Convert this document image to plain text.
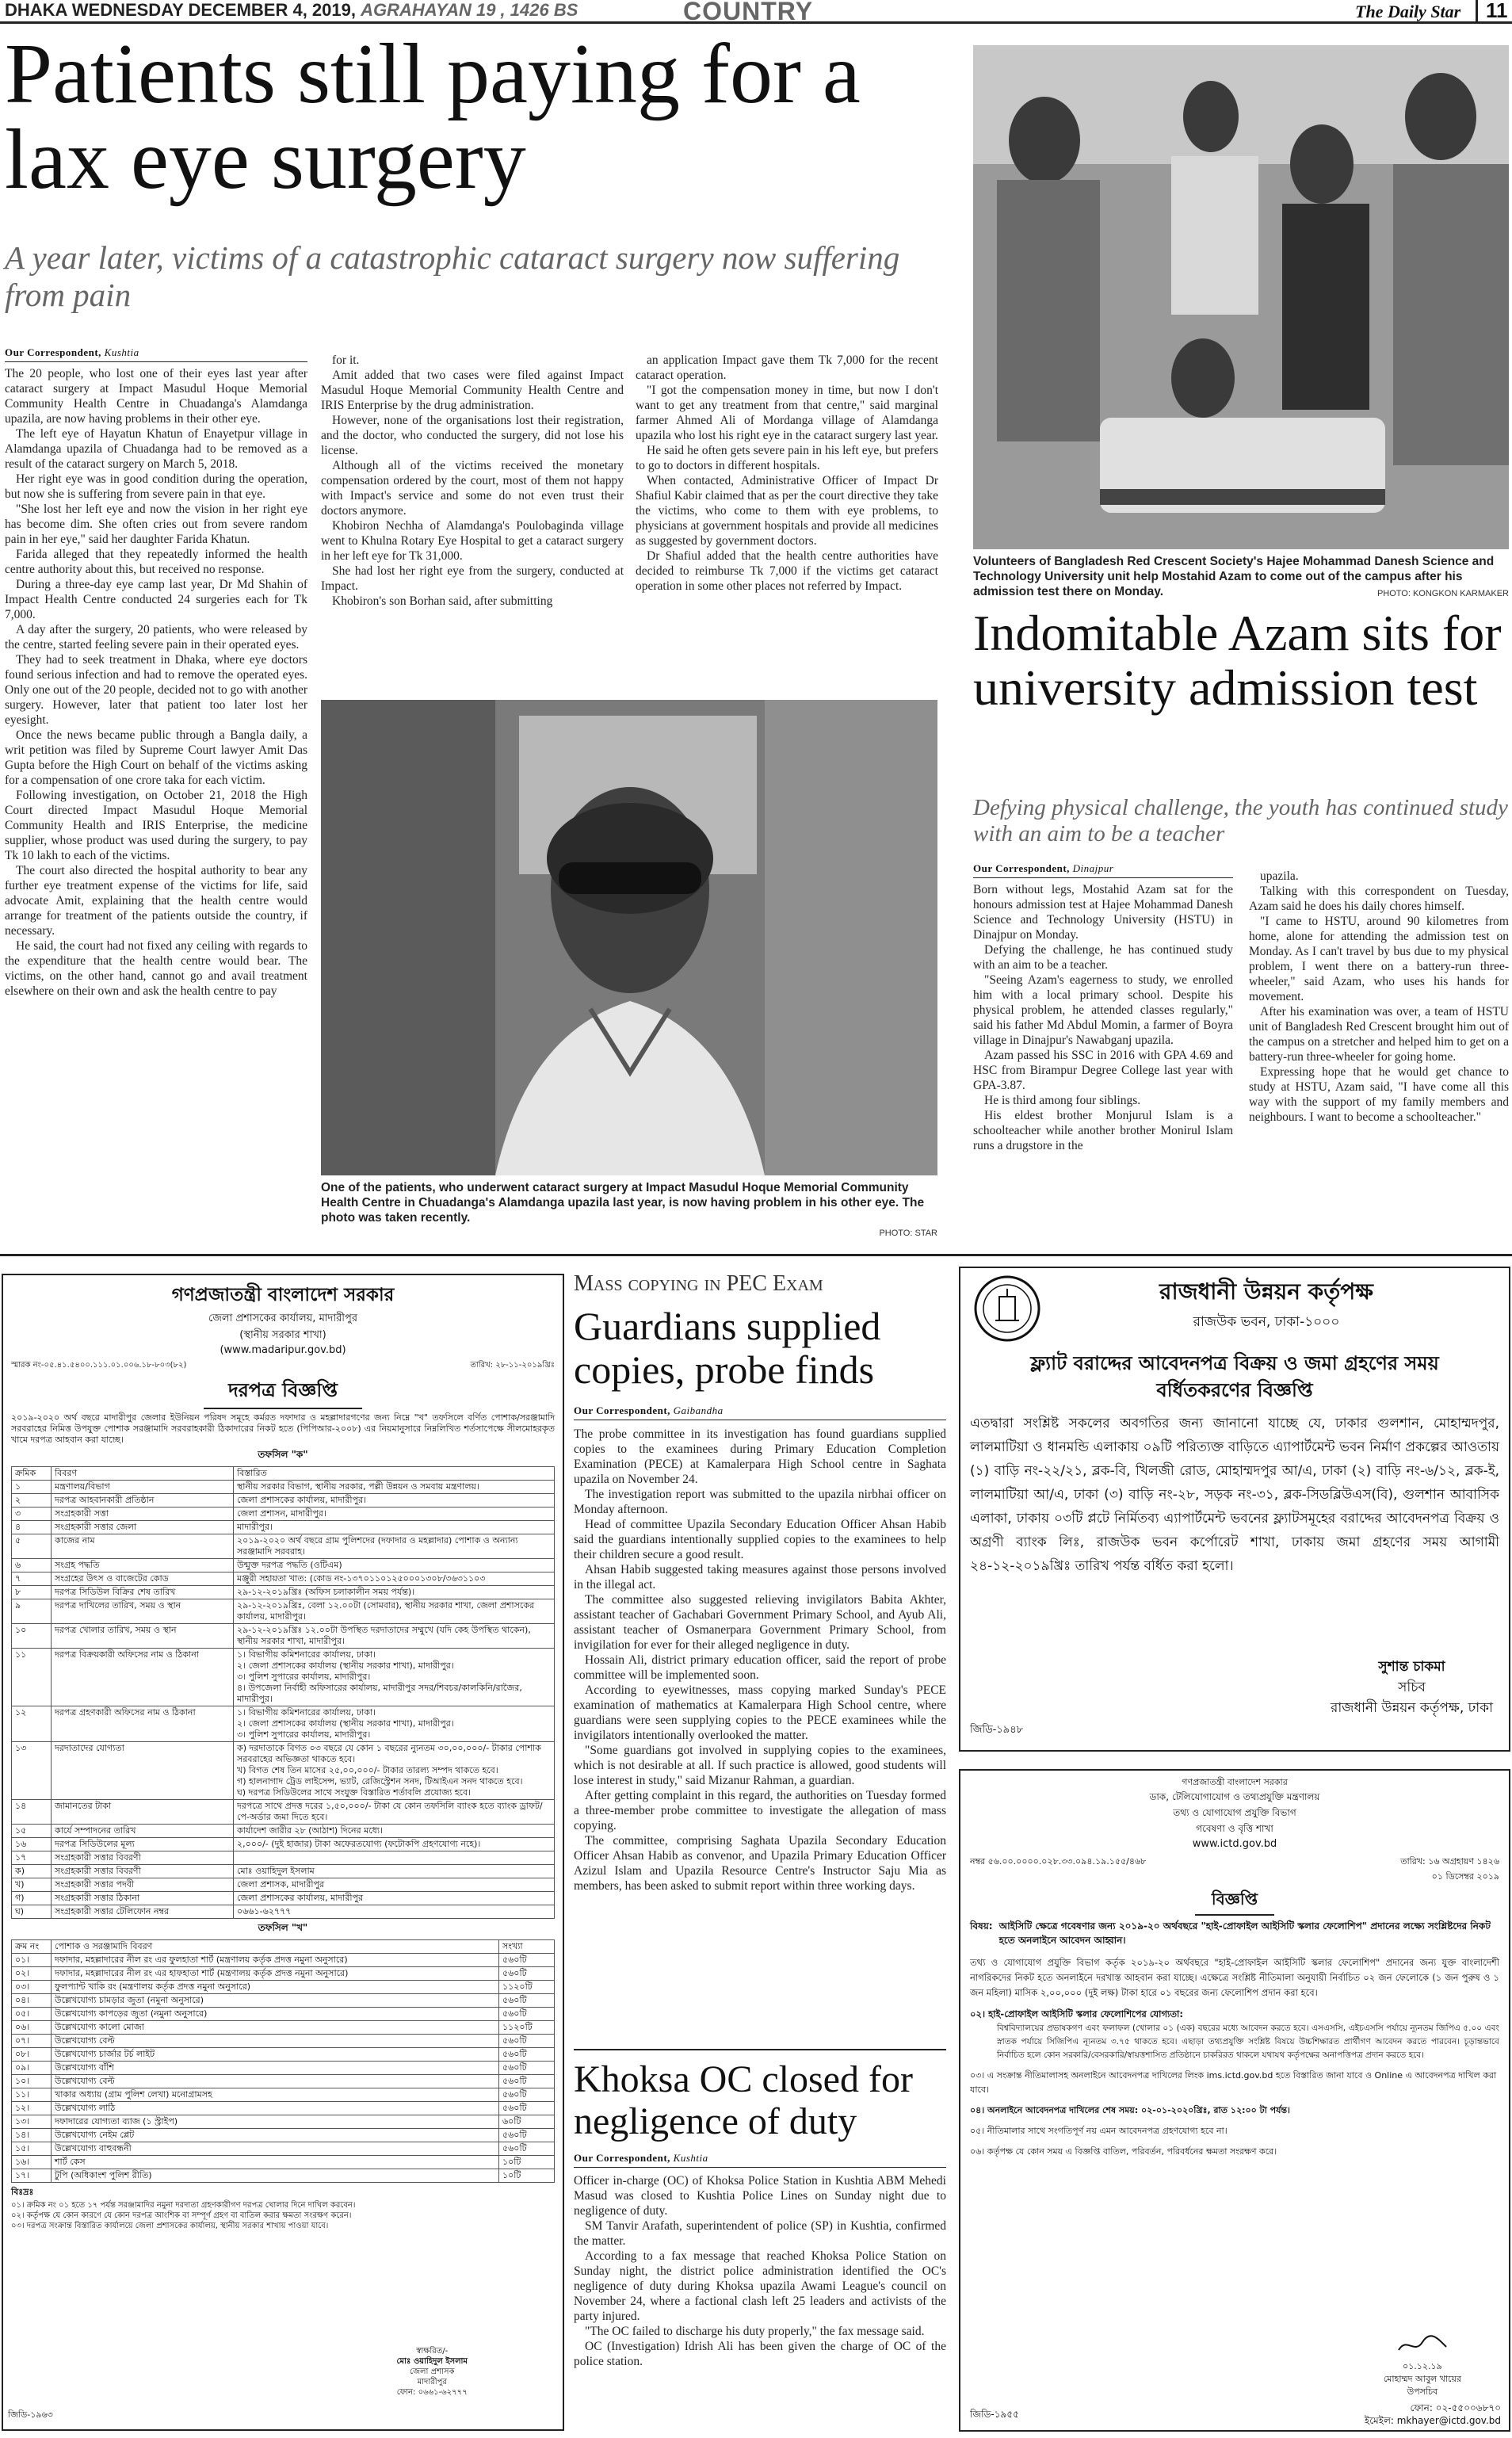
DHAKA WEDNESDAY DECEMBER 4, 2019, AGRAHAYAN 19 , 1426 BS	COUNTRY	The Daily Star	11
Patients still paying for a lax eye surgery
A year later, victims of a catastrophic cataract surgery now suffering from pain
Our Correspondent, Kushtia

The 20 people, who lost one of their eyes last year after cataract surgery at Impact Masudul Hoque Memorial Community Health Centre in Chuadanga's Alamdanga upazila, are now having problems in their other eye.

The left eye of Hayatun Khatun of Enayetpur village in Alamdanga upazila of Chuadanga had to be removed as a result of the cataract surgery on March 5, 2018.

Her right eye was in good condition during the operation, but now she is suffering from severe pain in that eye.

"She lost her left eye and now the vision in her right eye has become dim. She often cries out from severe random pain in her eye," said her daughter Farida Khatun.

Farida alleged that they repeatedly informed the health centre authority about this, but received no response.

During a three-day eye camp last year, Dr Md Shahin of Impact Health Centre conducted 24 surgeries each for Tk 7,000.

A day after the surgery, 20 patients, who were released by the centre, started feeling severe pain in their operated eyes.

They had to seek treatment in Dhaka, where eye doctors found serious infection and had to remove the operated eyes. Only one out of the 20 people, decided not to go with another surgery. However, later that patient too later lost her eyesight.

Once the news became public through a Bangla daily, a writ petition was filed by Supreme Court lawyer Amit Das Gupta before the High Court on behalf of the victims asking for a compensation of one crore taka for each victim.

Following investigation, on October 21, 2018 the High Court directed Impact Masudul Hoque Memorial Community Health and IRIS Enterprise, the medicine supplier, whose product was used during the surgery, to pay Tk 10 lakh to each of the victims.

The court also directed the hospital authority to bear any further eye treatment expense of the victims for life, said advocate Amit, explaining that the health centre would arrange for treatment of the patients outside the country, if necessary.

He said, the court had not fixed any ceiling with regards to the expenditure that the health centre would bear. The victims, on the other hand, cannot go and avail treatment elsewhere on their own and ask the health centre to pay

for it.

Amit added that two cases were filed against Impact Masudul Hoque Memorial Community Health Centre and IRIS Enterprise by the drug administration.

However, none of the organisations lost their registration, and the doctor, who conducted the surgery, did not lose his license.

Although all of the victims received the monetary compensation ordered by the court, most of them not happy with Impact's service and some do not even trust their doctors anymore.

Khobiron Nechha of Alamdanga's Poulobaginda village went to Khulna Rotary Eye Hospital to get a cataract surgery in her left eye for Tk 31,000.

She had lost her right eye from the surgery, conducted at Impact.

Khobiron's son Borhan said, after submitting

an application Impact gave them Tk 7,000 for the recent cataract operation.

"I got the compensation money in time, but now I don't want to get any treatment from that centre," said marginal farmer Ahmed Ali of Mordanga village of Alamdanga upazila who lost his right eye in the cataract surgery last year.

He said he often gets severe pain in his left eye, but prefers to go to doctors in different hospitals.

When contacted, Administrative Officer of Impact Dr Shafiul Kabir claimed that as per the court directive they take the victims, who come to them with eye problems, to physicians at government hospitals and provide all medicines as suggested by government doctors.

Dr Shafiul added that the health centre authorities have decided to reimburse Tk 7,000 if the victims get cataract operation in some other places not referred by Impact.

One of the patients, who underwent cataract surgery at Impact Masudul Hoque Memorial Community Health Centre in Chuadanga's Alamdanga upazila last year, is now having problem in his other eye. The photo was taken recently.
PHOTO: STAR
Volunteers of Bangladesh Red Crescent Society's Hajee Mohammad Danesh Science and Technology University unit help Mostahid Azam to come out of the campus after his admission test there on Monday.	PHOTO: KONGKON KARMAKER
Indomitable Azam sits for university admission test
Defying physical challenge, the youth has continued study with an aim to be a teacher
Our Correspondent, Dinajpur

Born without legs, Mostahid Azam sat for the honours admission test at Hajee Mohammad Danesh Science and Technology University (HSTU) in Dinajpur on Monday.

Defying the challenge, he has continued study with an aim to be a teacher.

"Seeing Azam's eagerness to study, we enrolled him with a local primary school. Despite his physical problem, he attended classes regularly," said his father Md Abdul Momin, a farmer of Boyra village in Dinajpur's Nawabganj upazila.

Azam passed his SSC in 2016 with GPA 4.69 and HSC from Birampur Degree College last year with GPA-3.87.

He is third among four siblings.

His eldest brother Monjurul Islam is a schoolteacher while another brother Monirul Islam runs a drugstore in the

upazila.

Talking with this correspondent on Tuesday, Azam said he does his daily chores himself.

"I came to HSTU, around 90 kilometres from home, alone for attending the admission test on Monday. As I can't travel by bus due to my physical problem, I went there on a battery-run three-wheeler," said Azam, who uses his hands for movement.

After his examination was over, a team of HSTU unit of Bangladesh Red Crescent brought him out of the campus on a stretcher and helped him to get on a battery-run three-wheeler for going home.

Expressing hope that he would get chance to study at HSTU, Azam said, "I have come all this way with the support of my family members and neighbours. I want to become a schoolteacher."

গণপ্রজাতন্ত্রী বাংলাদেশ সরকার
জেলা প্রশাসকের কার্যালয়, মাদারীপুর
(স্থানীয় সরকার শাখা)
(www.madaripur.gov.bd)
স্মারক নং-০৫.৪১.৫৪০০.১১১.০১.০০৬.১৮-৮০৩(৮২)	তারিখ: ২৮-১১-২০১৯খ্রিঃ
দরপত্র বিজ্ঞপ্তি
২০১৯-২০২০ অর্থ বছরে মাদারীপুর জেলার ইউনিয়ন পরিষদ সমূহে কর্মরত দফাদার ও মহল্লাদারগণের জন্য নিম্নে "খ" তফসিলে বর্ণিত পোশাক/সরঞ্জামাদি সরবরাহের নিমিত্ত উপযুক্ত পোশাক সরঞ্জামাদি সরবরাহকারী ঠিকাদারের নিকট হতে (পিপিআর-২০০৮) এর নিয়মানুসারে নিম্নলিখিত শর্তসাপেক্ষে সীলমোহরকৃত খামে দরপত্র আহবান করা যাচ্ছে।
তফসিল "ক"
ক্রমিক	বিবরণ	বিস্তারিত
১	মন্ত্রণালয়/বিভাগ	স্থানীয় সরকার বিভাগ, স্থানীয় সরকার, পল্লী উন্নয়ন ও সমবায় মন্ত্রণালয়।
২	দরপত্র আহবানকারী প্রতিষ্ঠান	জেলা প্রশাসকের কার্যালয়, মাদারীপুর।
৩	সংগ্রহকারী সত্তা	জেলা প্রশাসন, মাদারীপুর।
৪	সংগ্রহকারী সত্তার জেলা	মাদারীপুর।
৫	কাজের নাম	২০১৯-২০২০ অর্থ বছরে গ্রাম পুলিশদের (দফাদার ও মহল্লাদার) পোশাক ও অন্যান্য সরঞ্জামাদি সরবরাহ।
৬	সংগ্রহ পদ্ধতি	উন্মুক্ত দরপত্র পদ্ধতি (ওটিএম)
৭	সংগ্রহের উৎস ও বাজেটের কোড	মঞ্জুরী সহায়তা খাত: (কোড নং-১৩৭০১১০১২৫০০০১৩০৮/৩৬৩১১০৩
৮	দরপত্র সিডিউল বিক্রির শেষ তারিখ	২৯-১২-২০১৯খ্রিঃ (অফিস চলাকালীন সময় পর্যন্ত)।
৯	দরপত্র দাখিলের তারিখ, সময় ও স্থান	২৯-১২-২০১৯খ্রিঃ, বেলা ১২.০০টা (সোমবার), স্থানীয় সরকার শাখা, জেলা প্রশাসকের কার্যালয়, মাদারীপুর।
১০	দরপত্র খোলার তারিখ, সময় ও স্থান	২৯-১২-২০১৯খ্রিঃ ১২.০০টা উপস্থিত দরদাতাদের সম্মুখে (যদি কেহ উপস্থিত থাকেন), স্থানীয় সরকার শাখা, মাদারীপুর।
১১	দরপত্র বিক্রয়কারী অফিসের নাম ও ঠিকানা	১। বিভাগীয় কমিশনারের কার্যালয়, ঢাকা।
২। জেলা প্রশাসকের কার্যালয় (স্থানীয় সরকার শাখা), মাদারীপুর।
৩। পুলিশ সুপারের কার্যালয়, মাদারীপুর।
৪। উপজেলা নির্বাহী অফিসারের কার্যালয়, মাদারীপুর সদর/শিবচর/কালকিনি/রাজৈর, মাদারীপুর।
১২	দরপত্র গ্রহণকারী অফিসের নাম ও ঠিকানা	১। বিভাগীয় কমিশনারের কার্যালয়, ঢাকা।
২। জেলা প্রশাসকের কার্যালয় (স্থানীয় সরকার শাখা), মাদারীপুর।
৩। পুলিশ সুপারের কার্যালয়, মাদারীপুর।
১৩	দরদাতাদের যোগ্যতা	ক) দরদাতাকে বিগত ০৩ বছরে যে কোন ১ বছরের ন্যুনতম ৩০,০০,০০০/- টাকার পোশাক সরবরাহের অভিজ্ঞতা থাকতে হবে।
খ) বিগত শেষ তিন মাসের ২৫,০০,০০০/- টাকার তারল্য সম্পদ থাকতে হবে।
গ) হালনাগাদ ট্রেড লাইসেন্স, ভ্যাট, রেজিস্ট্রেশন সনদ, টিআইএন সনদ থাকতে হবে।
ঘ) দরপত্র সিডিউলের সাথে সংযুক্ত বিস্তারিত শর্তাবলি প্রযোজ্য হবে।
১৪	জামানতের টাকা	দরপত্রে সাথে প্রদত্ত দরের ১,৫০,০০০/- টাকা যে কোন তফসিলি ব্যাংক হতে ব্যাংক ড্রাফট/পে-অর্ডার জমা দিতে হবে।
১৫	কার্যে সম্পাদনের তারিখ	কার্যাদেশ জারীর ২৮ (আঠাশ) দিনের মধ্যে।
১৬	দরপত্র সিডিউলের মূল্য	২,০০০/- (দুই হাজার) টাকা অফেরতযোগ্য (ফটোকপি গ্রহণযোগ্য নহে)।
১৭	সংগ্রহকারী সত্তার বিবরণী	
ক)	সংগ্রহকারী সত্তার বিবরণী	মোঃ ওয়াহিদুল ইসলাম
খ)	সংগ্রহকারী সত্তার পদবী	জেলা প্রশাসক, মাদারীপুর
গ)	সংগ্রহকারী সত্তার ঠিকানা	জেলা প্রশাসকের কার্যালয়, মাদারীপুর
ঘ)	সংগ্রহকারী সত্তার টেলিফোন নম্বর	০৬৬১-৬২৭৭৭
তফসিল "খ"
ক্রম নং	পোশাক ও সরঞ্জামাদি বিবরণ	সংখ্যা
০১।	দফাদার, মহল্লাদারের নীল রং এর ফুলহাতা শার্ট (মন্ত্রণালয় কর্তৃক প্রদত্ত নমুনা অনুসারে)	৫৬০টি
০২।	দফাদার, মহল্লাদারের নীল রং এর হাফহাতা শার্ট (মন্ত্রণালয় কর্তৃক প্রদত্ত নমুনা অনুসারে)	৫৬০টি
০৩।	ফুলপ্যান্ট খাকি রং (মন্ত্রণালয় কর্তৃক প্রদত্ত নমুনা অনুসারে)	১১২০টি
০৪।	উল্লেখযোগ্য চামড়ার জুতা (নমুনা অনুসারে)	৫৬০টি
০৫।	উল্লেখযোগ্য কাপড়ের জুতা (নমুনা অনুসারে)	৫৬০টি
০৬।	উল্লেখযোগ্য কালো মোজা	১১২০টি
০৭।	উল্লেখযোগ্য বেল্ট	৫৬০টি
০৮।	উল্লেখযোগ্য চার্জার টর্চ লাইট	৫৬০টি
০৯।	উল্লেখযোগ্য বাঁশি	৫৬০টি
১০।	উল্লেখযোগ্য বেল্ট	৫৬০টি
১১।	খাকার অধ্যায় (গ্রাম পুলিশ লেখা) মনোগ্রামসহ	৫৬০টি
১২।	উল্লেখযোগ্য লাঠি	৫৬০টি
১৩।	দফাদারের যোগ্যতা ব্যাজ (১ স্ট্রাইপ)	৬০টি
১৪।	উল্লেখযোগ্য নেইম প্লেট	৫৬০টি
১৫।	উল্লেখযোগ্য বাহুবন্ধনী	৫৬০টি
১৬।	শার্ট কেস	১০টি
১৭।	টুপি (অধিকাংশ পুলিশ রীতি)	১০টি
বিঃদ্রঃ
০১। ক্রমিক নং ০১ হতে ১৭ পর্যন্ত সরঞ্জামাদির নমুনা দরদাতা গ্রহণকারীগণ দরপত্র খোলার দিনে দাখিল করবেন।
০২। কর্তৃপক্ষ যে কোন কারণে যে কোন দরপত্র আংশিক বা সম্পূর্ণ গ্রহণ বা বাতিল করার ক্ষমতা সংরক্ষণ করেন।
০৩। দরপত্র সংক্রান্ত বিস্তারিত কার্যালয়ে জেলা প্রশাসকের কার্যালয়, স্থানীয় সরকার শাখায় পাওয়া যাবে।
স্বাক্ষরিত/-
মোঃ ওয়াহিদুল ইসলাম
জেলা প্রশাসক
মাদারীপুর
ফোন: ০৬৬১-৬২৭৭৭
জিডি-১৯৬৩
Mass copying in PEC Exam
Guardians supplied copies, probe finds
Our Correspondent, Gaibandha

The probe committee in its investigation has found guardians supplied copies to the examinees during Primary Education Completion Examination (PECE) at Kamalerpara High School centre in Saghata upazila on November 24.

The investigation report was submitted to the upazila nirbhai officer on Monday afternoon.

Head of committee Upazila Secondary Education Officer Ahsan Habib said the guardians intentionally supplied copies to the examinees to help their children secure a good result.

Ahsan Habib suggested taking measures against those persons involved in the illegal act.

The committee also suggested relieving invigilators Babita Akhter, assistant teacher of Gachabari Government Primary School, and Ayub Ali, assistant teacher of Osmanerpara Government Primary School, from invigilation for ever for their alleged negligence in duty.

Hossain Ali, district primary education officer, said the report of probe committee will be implemented soon.

According to eyewitnesses, mass copying marked Sunday's PECE examination of mathematics at Kamalerpara High School centre, where guardians were seen supplying copies to the PECE examinees while the invigilators intentionally overlooked the matter.

"Some guardians got involved in supplying copies to the examinees, which is not desirable at all. If such practice is allowed, good students will lose interest in study," said Mizanur Rahman, a guardian.

After getting complaint in this regard, the authorities on Tuesday formed a three-member probe committee to investigate the allegation of mass copying.

The committee, comprising Saghata Upazila Secondary Education Officer Ahsan Habib as convenor, and Upazila Primary Education Officer Azizul Islam and Upazila Resource Centre's Instructor Saju Mia as members, has been asked to submit report within three working days.

Khoksa OC closed for negligence of duty
Our Correspondent, Kushtia

Officer in-charge (OC) of Khoksa Police Station in Kushtia ABM Mehedi Masud was closed to Kushtia Police Lines on Sunday night due to negligence of duty.

SM Tanvir Arafath, superintendent of police (SP) in Kushtia, confirmed the matter.

According to a fax message that reached Khoksa Police Station on Sunday night, the district police administration identified the OC's negligence of duty during Khoksa upazila Awami League's council on November 24, where a factional clash left 25 leaders and activists of the party injured.

"The OC failed to discharge his duty properly," the fax message said.

OC (Investigation) Idrish Ali has been given the charge of OC of the police station.

রাজধানী উন্নয়ন কর্তৃপক্ষ
রাজউক ভবন, ঢাকা-১০০০
ফ্ল্যাট বরাদ্দের আবেদনপত্র বিক্রয় ও জমা গ্রহণের সময় বর্ধিতকরণের বিজ্ঞপ্তি
এতদ্বারা সংশ্লিষ্ট সকলের অবগতির জন্য জানানো যাচ্ছে যে, ঢাকার গুলশান, মোহাম্মদপুর, লালমাটিয়া ও ধানমন্ডি এলাকায় ০৯টি পরিত্যক্ত বাড়িতে এ্যাপার্টমেন্ট ভবন নির্মাণ প্রকল্পের আওতায় (১) বাড়ি নং-২২/২১, ব্লক-বি, খিলজী রোড, মোহাম্মদপুর আ/এ, ঢাকা (২) বাড়ি নং-৬/১২, ব্লক-ই, লালমাটিয়া আ/এ, ঢাকা (৩) বাড়ি নং-২৮, সড়ক নং-৩১, ব্লক-সিডব্লিউএস(বি), গুলশান আবাসিক এলাকা, ঢাকায় ০৩টি প্লটে নির্মিতব্য এ্যাপার্টমেন্ট ভবনের ফ্ল্যাটসমূহের বরাদ্দের আবেদনপত্র বিক্রয় ও অগ্রণী ব্যাংক লিঃ, রাজউক ভবন কর্পোরেট শাখা, ঢাকায় জমা গ্রহণের সময় আগামী ২৪-১২-২০১৯খ্রিঃ তারিখ পর্যন্ত বর্ধিত করা হলো।
সুশান্ত চাকমা
সচিব
রাজধানী উন্নয়ন কর্তৃপক্ষ, ঢাকা
জিডি-১৯৪৮
গণপ্রজাতন্ত্রী বাংলাদেশ সরকার
ডাক, টেলিযোগাযোগ ও তথ্যপ্রযুক্তি মন্ত্রণালয়
তথ্য ও যোগাযোগ প্রযুক্তি বিভাগ
গবেষণা ও বৃত্তি শাখা
www.ictd.gov.bd
নম্বর ৫৬.০০.০০০০.০২৮.৩৩.০৯৪.১৯.১৫৫/৪৬৮	তারিখ: ১৬ অগ্রহায়ণ ১৪২৬
০১ ডিসেম্বর ২০১৯
বিজ্ঞপ্তি
বিষয়: আইসিটি ক্ষেত্রে গবেষণার জন্য ২০১৯-২০ অর্থবছরে "হাই-প্রোফাইল আইসিটি স্কলার ফেলোশিপ" প্রদানের লক্ষ্যে সংশ্লিষ্টদের নিকট হতে অনলাইনে আবেদন আহ্বান।
তথ্য ও যোগাযোগ প্রযুক্তি বিভাগ কর্তৃক ২০১৯-২০ অর্থবছরে "হাই-প্রোফাইল আইসিটি স্কলার ফেলোশিপ" প্রদানের জন্য যুক্ত বাংলাদেশী নাগরিকদের নিকট হতে অনলাইনে দরখাস্ত আহবান করা যাচ্ছে। এক্ষেত্রে সংশ্লিষ্ট নীতিমালা অনুযায়ী নির্বাচিত ০২ জন ফেলোকে (১ জন পুরুষ ও ১ জন মহিলা) মাসিক ২,০০,০০০ (দুই লক্ষ) টাকা হারে ০১ বছরের জন্য ফেলোশিপ প্রদান করা হবে।
০২। হাই-প্রোফাইল আইসিটি স্কলার ফেলোশিপের যোগ্যতা:
বিশ্ববিদ্যালয়ের প্রভাষকগণ এবং ফলাফল (খোলার ০১ (এক) বছরের মধ্যে আবেদন করতে হবে। এসএসসি, এইচএসসি পর্যায়ে ন্যূনতম জিপিএ ৫.০০ এবং স্নাতক পর্যায়ে সিজিপিএ ন্যূনতম ৩.৭৫ থাকতে হবে। এছাড়া তথ্যপ্রযুক্তি সংশ্লিষ্ট বিষয়ে উচ্চশিক্ষারত প্রার্থীগণ আবেদন করতে পারবেন। চূড়ান্তভাবে নির্বাচিত হলে কোন সরকারি/বেসরকারি/স্বায়ত্তশাসিত প্রতিষ্ঠানে চাকরিরত থাকলে যথাযথ কর্তৃপক্ষের অনাপত্তিপত্র প্রদান করতে হবে।
০৩। এ সংক্রান্ত নীতিমালাসহ অনলাইনে আবেদনপত্র দাখিলের লিংক ims.ictd.gov.bd হতে বিস্তারিত জানা যাবে ও Online এ আবেদনপত্র দাখিল করা যাবে।
০৪। অনলাইনে আবেদনপত্র দাখিলের শেষ সময়: ০২-০১-২০২০খ্রিঃ, রাত ১২:০০ টা পর্যন্ত।
০৫। নীতিমালার সাথে সংগতিপূর্ণ নয় এমন আবেদনপত্র গ্রহণযোগ্য হবে না।
০৬। কর্তৃপক্ষ যে কোন সময় এ বিজ্ঞপ্তি বাতিল, পরিবর্তন, পরিবর্ধনের ক্ষমতা সংরক্ষণ করে।
০১.১২.১৯
মোহাম্মদ আবুল খায়ের
উপসচিব
ফোন: ০২-৫৫০০৬৮৭০
ইমেইল: mkhayer@ictd.gov.bd
জিডি-১৯৫৫
